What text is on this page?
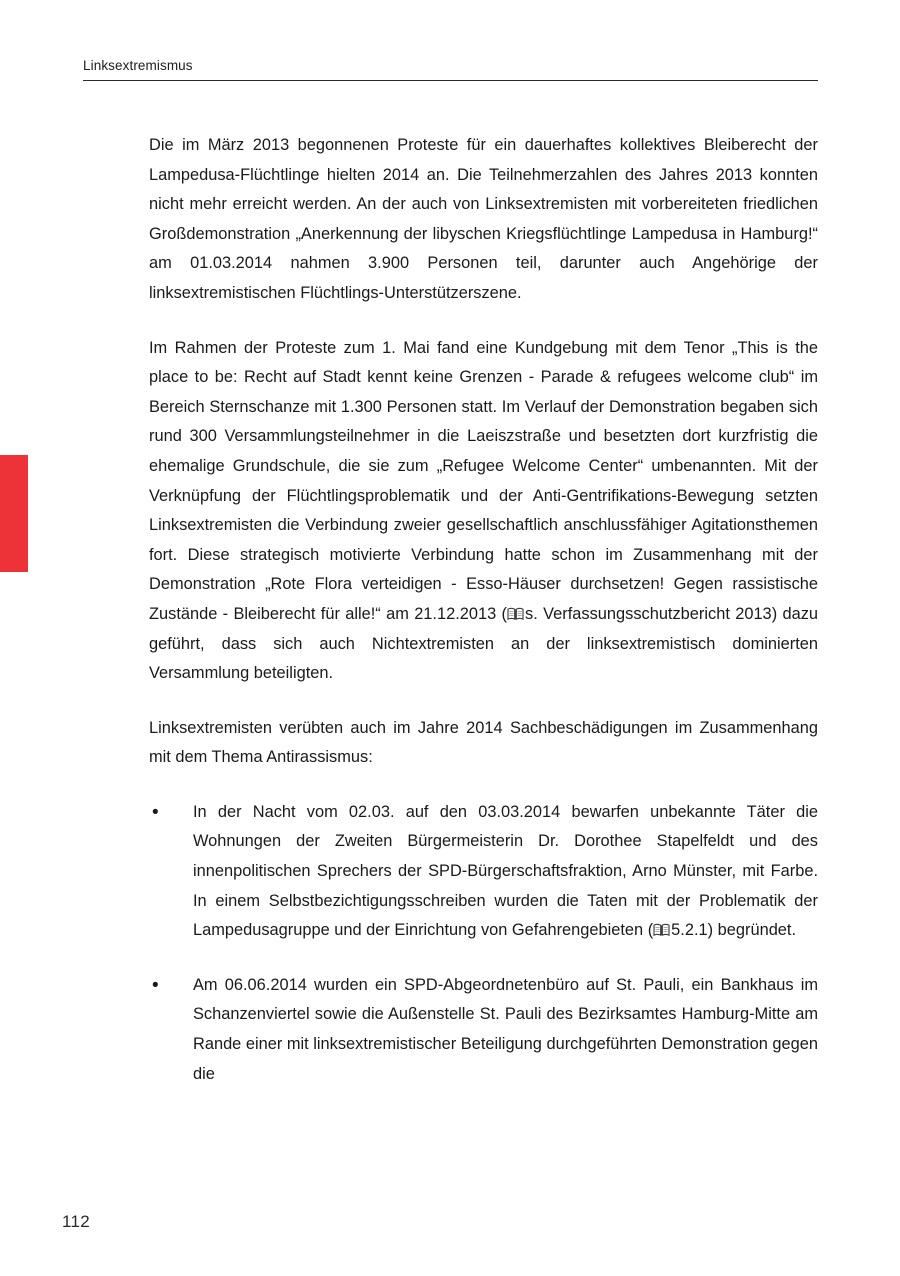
Linksextremismus

Die im März 2013 begonnenen Proteste für ein dauerhaftes kollektives Bleiberecht der Lampedusa-Flüchtlinge hielten 2014 an. Die Teilnehmerzahlen des Jahres 2013 konnten nicht mehr erreicht werden. An der auch von Linksextremisten mit vorbereiteten friedlichen Großdemonstration „Anerkennung der libyschen Kriegsflüchtlinge Lampedusa in Hamburg!“ am 01.03.2014 nahmen 3.900 Personen teil, darunter auch Angehörige der linksextremistischen Flüchtlings-Unterstützerszene.

Im Rahmen der Proteste zum 1. Mai fand eine Kundgebung mit dem Tenor „This is the place to be: Recht auf Stadt kennt keine Grenzen - Parade & refugees welcome club“ im Bereich Sternschanze mit 1.300 Personen statt. Im Verlauf der Demonstration begaben sich rund 300 Versammlungsteilnehmer in die Laeiszstraße und besetzten dort kurzfristig die ehemalige Grundschule, die sie zum „Refugee Welcome Center“ umbenannten. Mit der Verknüpfung der Flüchtlingsproblematik und der Anti-Gentrifikations-Bewegung setzten Linksextremisten die Verbindung zweier gesellschaftlich anschlussfähiger Agitationsthemen fort. Diese strategisch motivierte Verbindung hatte schon im Zusammenhang mit der Demonstration „Rote Flora verteidigen - Esso-Häuser durchsetzen! Gegen rassistische Zustände - Bleiberecht für alle!“ am 21.12.2013 ( s. Verfassungsschutzbericht 2013) dazu geführt, dass sich auch Nichtextremisten an der linksextremistisch dominierten Versammlung beteiligten.

Linksextremisten verübten auch im Jahre 2014 Sachbeschädigungen im Zusammenhang mit dem Thema Antirassismus:

•	In der Nacht vom 02.03. auf den 03.03.2014 bewarfen unbekannte Täter die Wohnungen der Zweiten Bürgermeisterin Dr. Dorothee Stapelfeldt und des innenpolitischen Sprechers der SPD-Bürgerschaftsfraktion, Arno Münster, mit Farbe. In einem Selbstbezichtigungsschreiben wurden die Taten mit der Problematik der Lampedusagruppe und der Einrichtung von Gefahrengebieten ( 5.2.1) begründet.
•	Am 06.06.2014 wurden ein SPD-Abgeordnetenbüro auf St. Pauli, ein Bankhaus im Schanzenviertel sowie die Außenstelle St. Pauli des Bezirksamtes Hamburg-Mitte am Rande einer mit linksextremistischer Beteiligung durchgeführten Demonstration gegen die
112
